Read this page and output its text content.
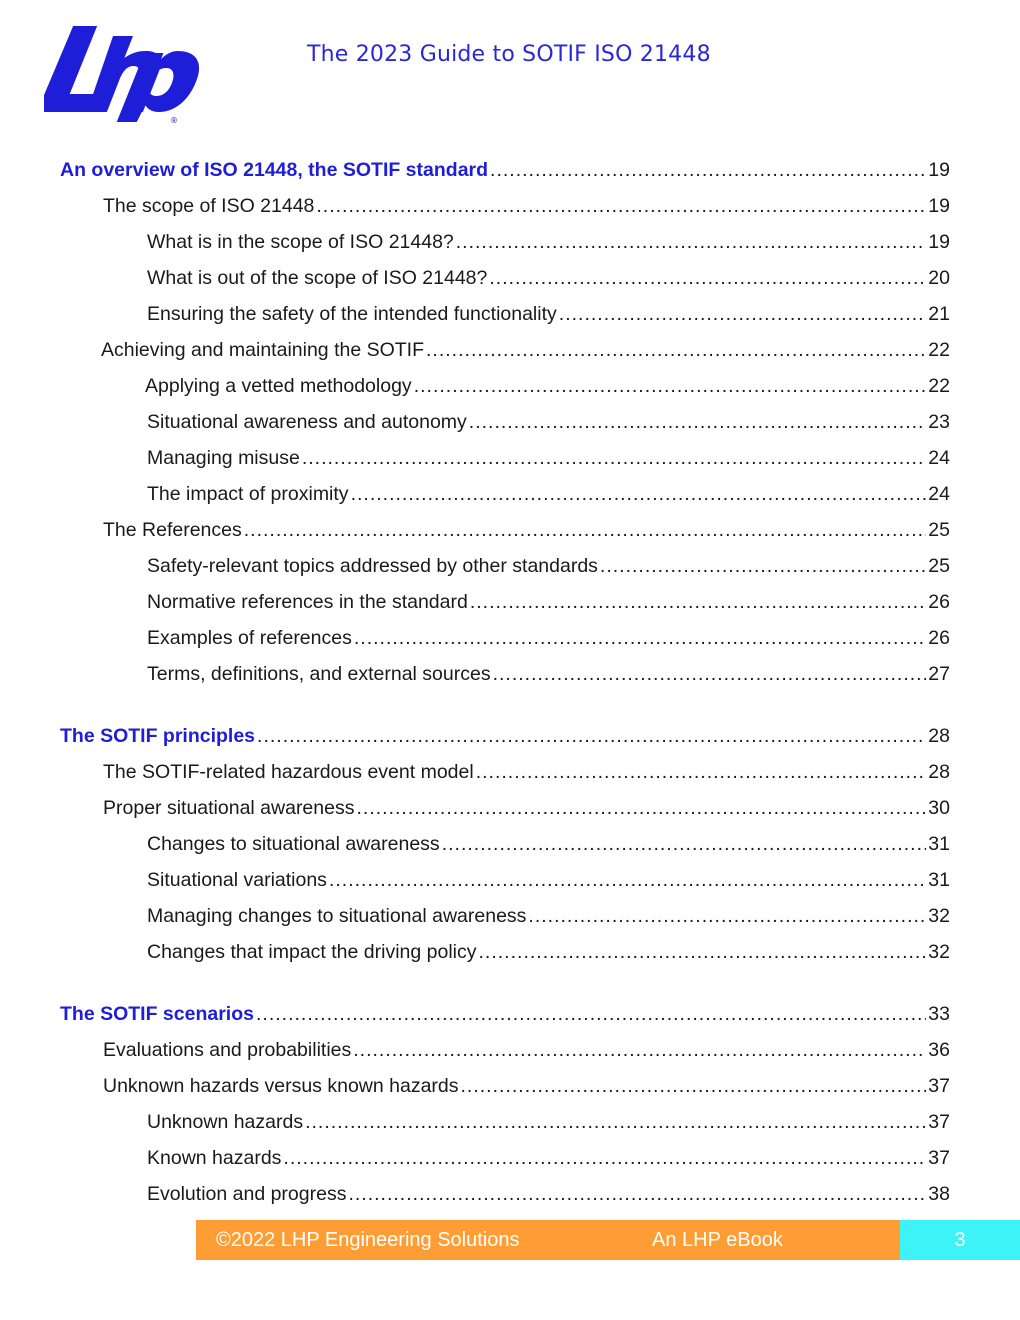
®
The 2023 Guide to SOTIF ISO 21448
An overview of ISO 21448, the SOTIF standard .....	19
The scope of ISO 21448 .....	19
What is in the scope of ISO 21448? .....	19
What is out of the scope of ISO 21448? .....	20
Ensuring the safety of the intended functionality .....	21
Achieving and maintaining the SOTIF .....	22
Applying a vetted methodology .....	22
Situational awareness and autonomy .....	23
Managing misuse .....	24
The impact of proximity .....	24
The References .....	25
Safety-relevant topics addressed by other standards .....	25
Normative references in the standard .....	26
Examples of references .....	26
Terms, definitions, and external sources .....	27
The SOTIF principles .....	28
The SOTIF-related hazardous event model .....	28
Proper situational awareness .....	30
Changes to situational awareness .....	31
Situational variations .....	31
Managing changes to situational awareness .....	32
Changes that impact the driving policy .....	32
The SOTIF scenarios .....	33
Evaluations and probabilities .....	36
Unknown hazards versus known hazards .....	37
Unknown hazards .....	37
Known hazards .....	37
Evolution and progress .....	38
©2022 LHP Engineering Solutions	An LHP eBook	3
